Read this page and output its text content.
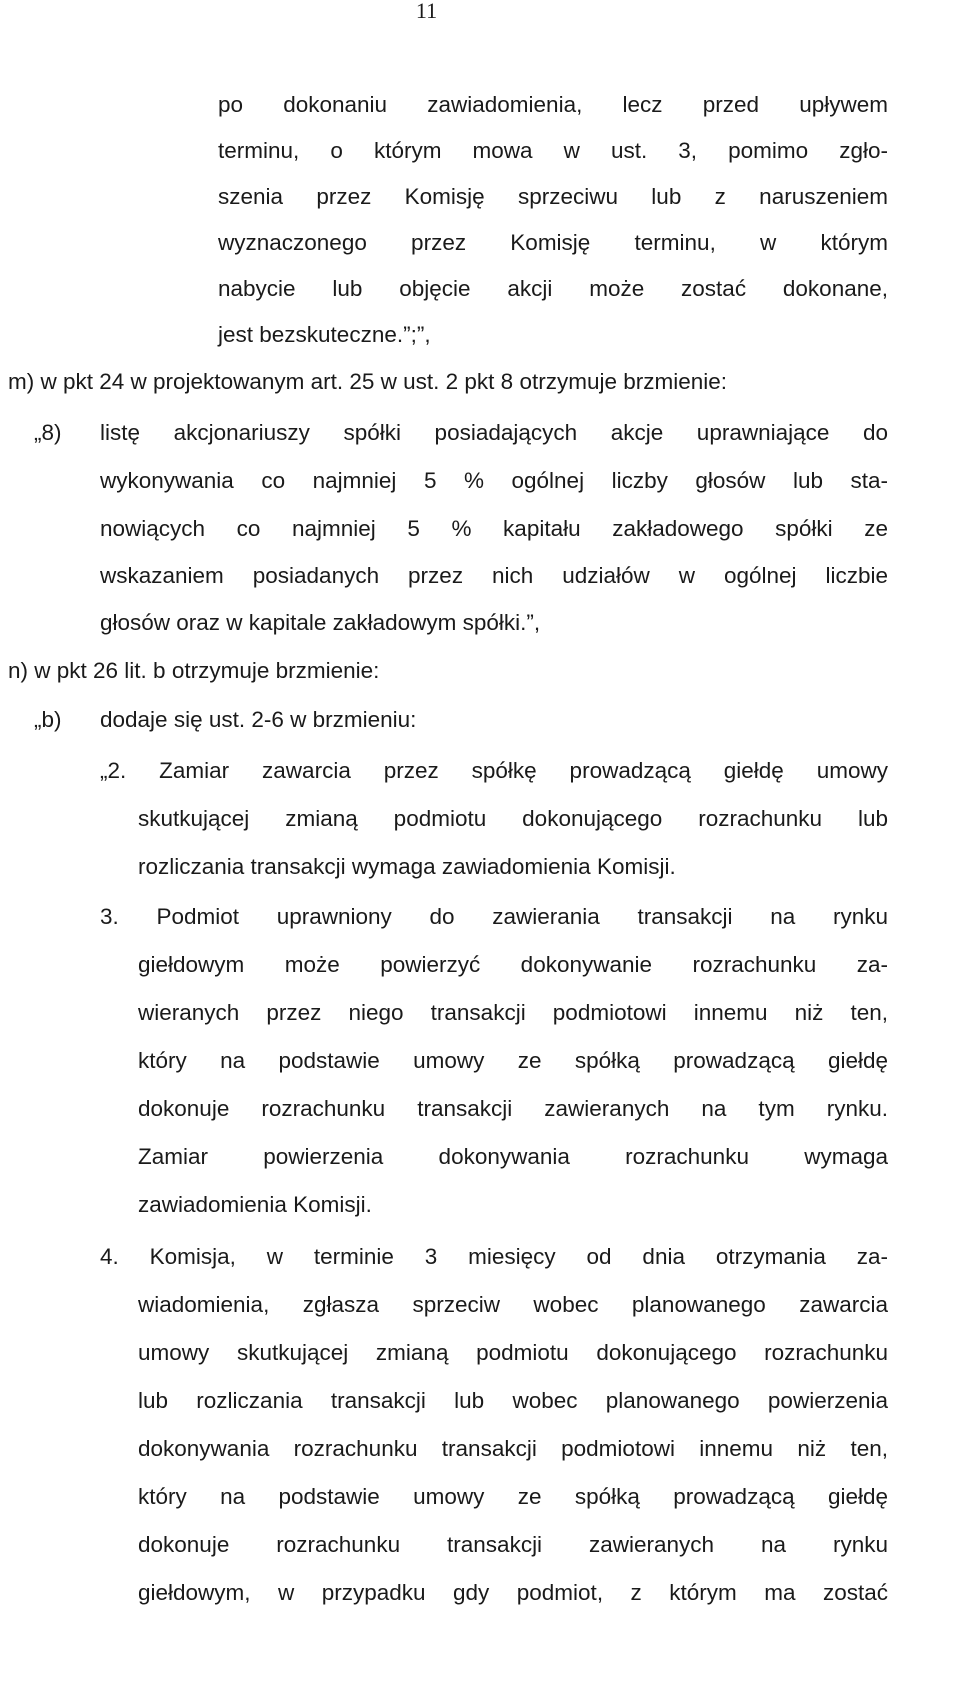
11
po dokonaniu zawiadomienia, lecz przed upływem
terminu, o którym mowa w ust. 3, pomimo zgło-
szenia przez Komisję sprzeciwu lub z naruszeniem
wyznaczonego przez Komisję terminu, w którym
nabycie lub objęcie akcji może zostać dokonane,
jest bezskuteczne.”;”,
m) w pkt 24 w projektowanym art. 25 w ust. 2 pkt 8 otrzymuje brzmienie:
„8) listę akcjonariuszy spółki posiadających akcje uprawniające do
wykonywania co najmniej 5 % ogólnej liczby głosów lub sta-
nowiących co najmniej 5 % kapitału zakładowego spółki ze
wskazaniem posiadanych przez nich udziałów w ogólnej liczbie
głosów oraz w kapitale zakładowym spółki.”,
n) w pkt 26 lit. b otrzymuje brzmienie:
„b) dodaje się ust. 2-6 w brzmieniu:
„2. Zamiar zawarcia przez spółkę prowadzącą giełdę umowy
skutkującej zmianą podmiotu dokonującego rozrachunku lub
rozliczania transakcji wymaga zawiadomienia Komisji.
3. Podmiot uprawniony do zawierania transakcji na rynku
giełdowym może powierzyć dokonywanie rozrachunku za-
wieranych przez niego transakcji podmiotowi innemu niż ten,
który na podstawie umowy ze spółką prowadzącą giełdę
dokonuje rozrachunku transakcji zawieranych na tym rynku.
Zamiar powierzenia dokonywania rozrachunku wymaga
zawiadomienia Komisji.
4. Komisja, w terminie 3 miesięcy od dnia otrzymania za-
wiadomienia, zgłasza sprzeciw wobec planowanego zawarcia
umowy skutkującej zmianą podmiotu dokonującego rozrachunku
lub rozliczania transakcji lub wobec planowanego powierzenia
dokonywania rozrachunku transakcji podmiotowi innemu niż ten,
który na podstawie umowy ze spółką prowadzącą giełdę
dokonuje rozrachunku transakcji zawieranych na rynku
giełdowym, w przypadku gdy podmiot, z którym ma zostać
